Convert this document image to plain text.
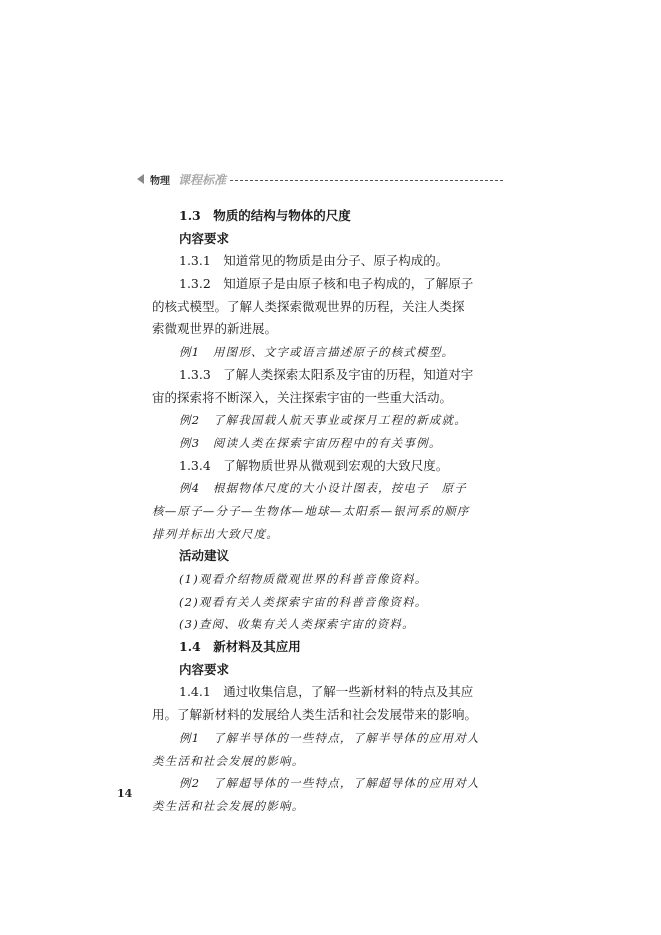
物理 课程标准
1.3　物质的结构与物体的尺度
内容要求
1.3.1　知道常见的物质是由分子、原子构成的。
1.3.2　知道原子是由原子核和电子构成的，了解原子
的核式模型。了解人类探索微观世界的历程，关注人类探
索微观世界的新进展。
例1　用图形、文字或语言描述原子的核式模型。
1.3.3　了解人类探索太阳系及宇宙的历程，知道对宇
宙的探索将不断深入，关注探索宇宙的一些重大活动。
例2　了解我国载人航天事业或探月工程的新成就。
例3　阅读人类在探索宇宙历程中的有关事例。
1.3.4　了解物质世界从微观到宏观的大致尺度。
例4　根据物体尺度的大小设计图表，按电子　原子
核—原子—分子—生物体—地球—太阳系—银河系的顺序
排列并标出大致尺度。
活动建议
(1)观看介绍物质微观世界的科普音像资料。
(2)观看有关人类探索宇宙的科普音像资料。
(3)查阅、收集有关人类探索宇宙的资料。
1.4　新材料及其应用
内容要求
1.4.1　通过收集信息，了解一些新材料的特点及其应
用。了解新材料的发展给人类生活和社会发展带来的影响。
例1　了解半导体的一些特点，了解半导体的应用对人
类生活和社会发展的影响。
例2　了解超导体的一些特点，了解超导体的应用对人
类生活和社会发展的影响。
14
